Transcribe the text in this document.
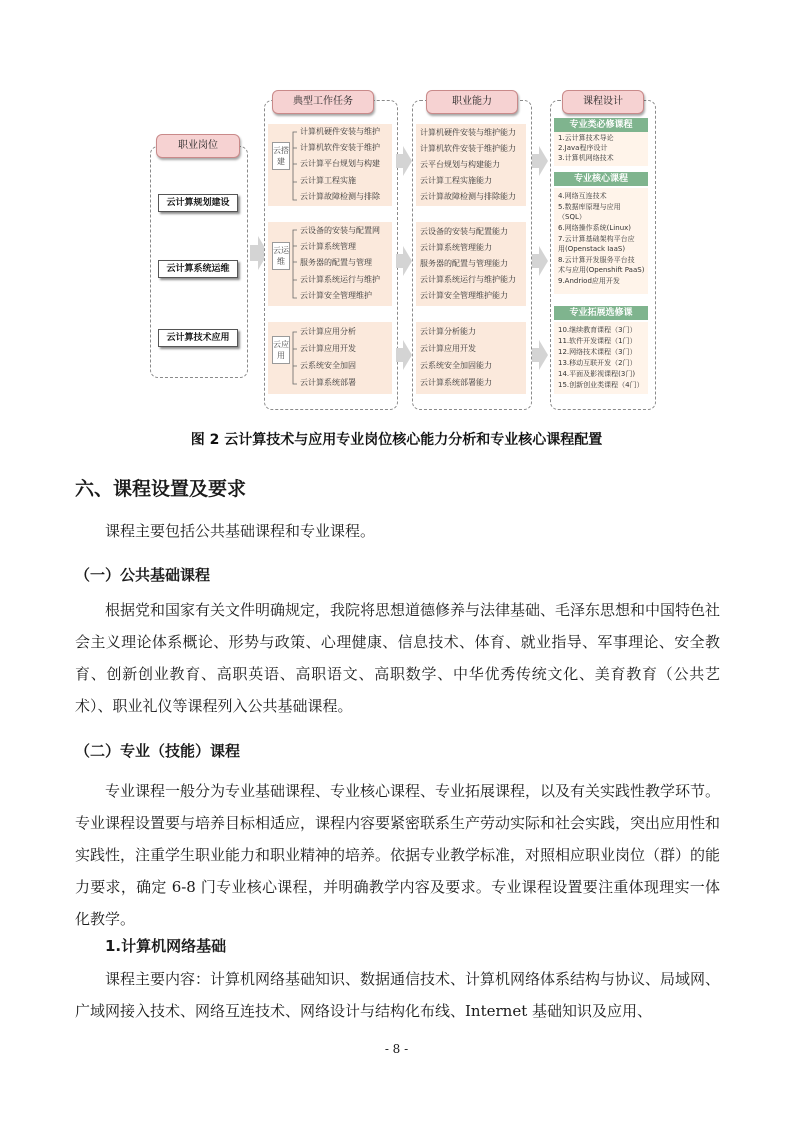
职业岗位
云计算规划建设
云计算系统运维
云计算技术应用
典型工作任务
云搭建
计算机硬件安装与维护
计算机软件安装于维护
云计算平台规划与构建
云计算工程实施
云计算故障检测与排除
云运维
云设备的安装与配置网
云计算系统管理
服务器的配置与管理
云计算系统运行与维护
云计算安全管理维护
云应用
云计算应用分析
云计算应用开发
云系统安全加固
云计算系统部署
职业能力
计算机硬件安装与维护能力
计算机软件安装于维护能力
云平台规划与构建能力
云计算工程实施能力
云计算故障检测与排除能力
云设备的安装与配置能力
云计算系统管理能力
服务器的配置与管理能力
云计算系统运行与维护能力
云计算安全管理维护能力
云计算分析能力
云计算应用开发
云系统安全加固能力
云计算系统部署能力
课程设计
专业类必修课程
1.云计算技术导论
2.Java程序设计
3.计算机网络技术
专业核心课程
4.网络互连技术
5.数据库原理与应用
（SQL）
6.网络操作系统(Linux)
7.云计算基础架构平台应
用(Openstack IaaS)
8.云计算开发服务平台技
术与应用(Openshift PaaS)
9.Andriod应用开发
专业拓展选修课
10.继续教育课程（3门）
11.软件开发课程（1门）
12.网络技术课程（3门）
13.移动互联开发（2门）
14.平面及影视课程(3门)
15.创新创业类课程（4门）
图 2 云计算技术与应用专业岗位核心能力分析和专业核心课程配置
六、课程设置及要求

课程主要包括公共基础课程和专业课程。

（一）公共基础课程

根据党和国家有关文件明确规定，我院将思想道德修养与法律基础、毛泽东思想和中国特色社会主义理论体系概论、形势与政策、心理健康、信息技术、体育、就业指导、军事理论、安全教育、创新创业教育、高职英语、高职语文、高职数学、中华优秀传统文化、美育教育（公共艺术）、职业礼仪等课程列入公共基础课程。

（二）专业（技能）课程

专业课程一般分为专业基础课程、专业核心课程、专业拓展课程，以及有关实践性教学环节。专业课程设置要与培养目标相适应，课程内容要紧密联系生产劳动实际和社会实践，突出应用性和实践性，注重学生职业能力和职业精神的培养。依据专业教学标准，对照相应职业岗位（群）的能力要求，确定 6-8 门专业核心课程，并明确教学内容及要求。专业课程设置要注重体现理实一体化教学。

1.计算机网络基础

课程主要内容：计算机网络基础知识、数据通信技术、计算机网络体系结构与协议、局域网、广域网接入技术、网络互连技术、网络设计与结构化布线、Internet 基础知识及应用、

- 8 -
